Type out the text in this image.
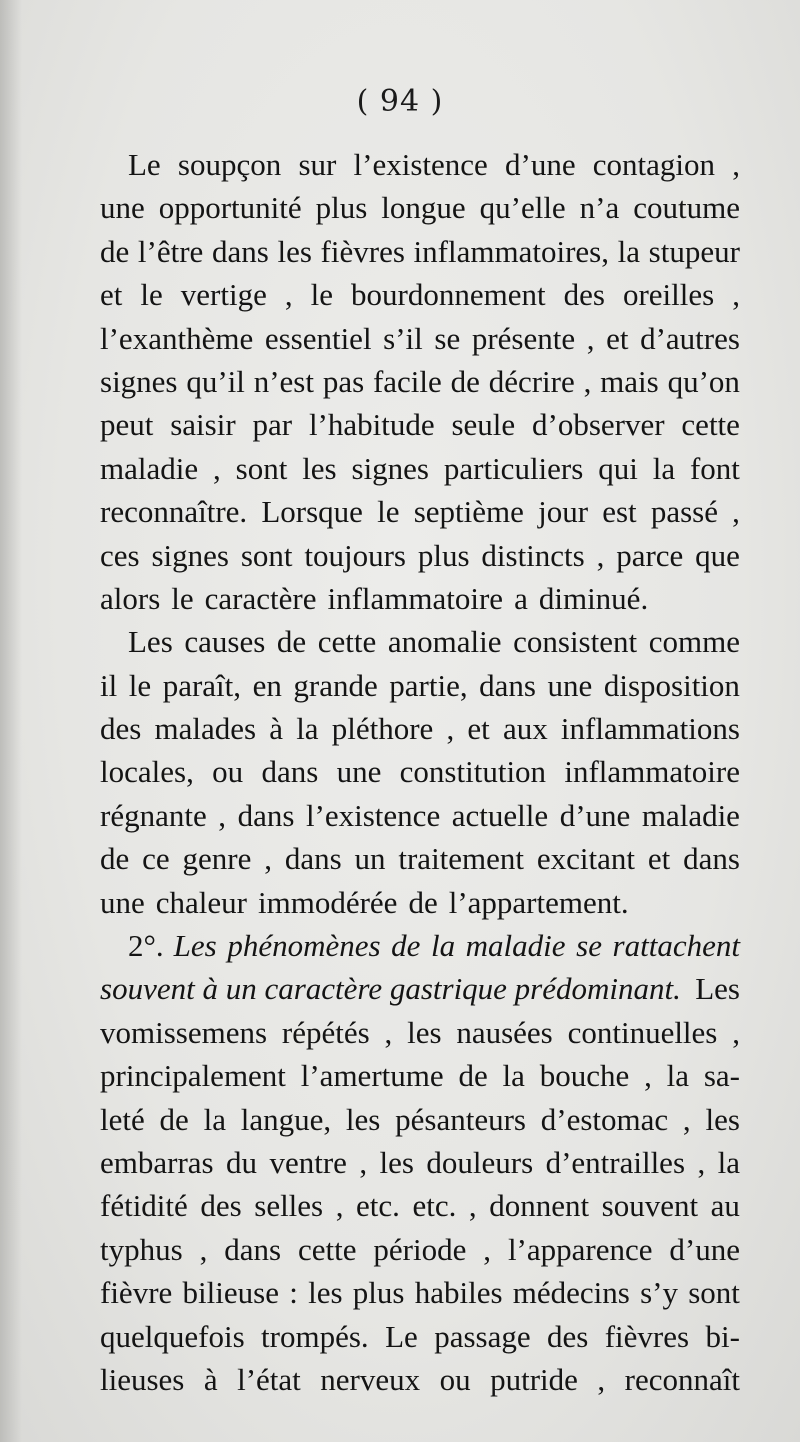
( 94 )
Le soupçon sur l’existence d’une contagion ,
une opportunité plus longue qu’elle n’a coutume
de l’être dans les fièvres inflammatoires, la stupeur
et le vertige , le bourdonnement des oreilles ,
l’exanthème essentiel s’il se présente , et d’autres
signes qu’il n’est pas facile de décrire , mais qu’on
peut saisir par l’habitude seule d’observer cette
maladie , sont les signes particuliers qui la font
reconnaître. Lorsque le septième jour est passé ,
ces signes sont toujours plus distincts , parce que
alors le caractère inflammatoire a diminué.
Les causes de cette anomalie consistent comme
il le paraît, en grande partie, dans une disposition
des malades à la pléthore , et aux inflammations
locales, ou dans une constitution inflammatoire
régnante , dans l’existence actuelle d’une maladie
de ce genre , dans un traitement excitant et dans
une chaleur immodérée de l’appartement.
2°. Les phénomènes de la maladie se rattachent
souvent à un caractère gastrique prédominant. Les
vomissemens répétés , les nausées continuelles ,
principalement l’amertume de la bouche , la sa-
leté de la langue, les pésanteurs d’estomac , les
embarras du ventre , les douleurs d’entrailles , la
fétidité des selles , etc. etc. , donnent souvent au
typhus , dans cette période , l’apparence d’une
fièvre bilieuse : les plus habiles médecins s’y sont
quelquefois trompés. Le passage des fièvres bi-
lieuses à l’état nerveux ou putride , reconnaît
